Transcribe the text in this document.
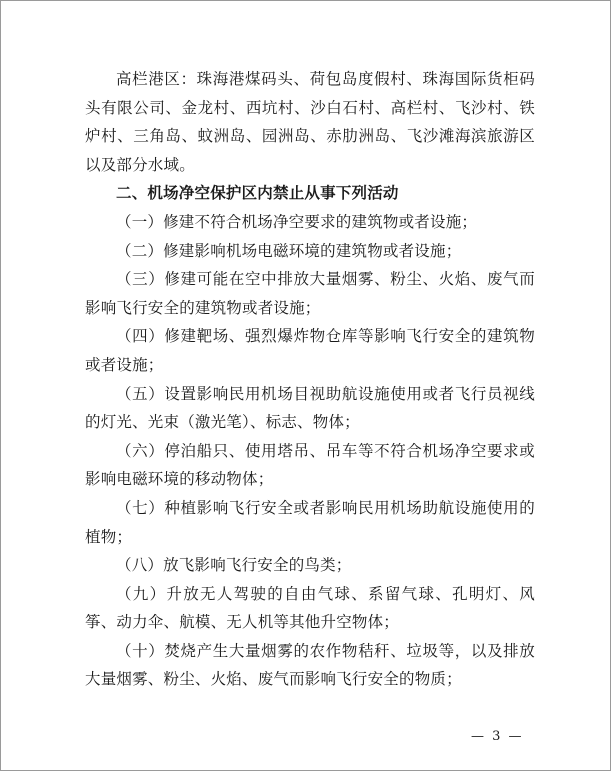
高栏港区：珠海港煤码头、荷包岛度假村、珠海国际货柜码头有限公司、金龙村、西坑村、沙白石村、高栏村、飞沙村、铁炉村、三角岛、蚊洲岛、园洲岛、赤肋洲岛、飞沙滩海滨旅游区以及部分水域。

二、机场净空保护区内禁止从事下列活动

（一）修建不符合机场净空要求的建筑物或者设施；

（二）修建影响机场电磁环境的建筑物或者设施；

（三）修建可能在空中排放大量烟雾、粉尘、火焰、废气而影响飞行安全的建筑物或者设施；

（四）修建靶场、强烈爆炸物仓库等影响飞行安全的建筑物或者设施；

（五）设置影响民用机场目视助航设施使用或者飞行员视线的灯光、光束（激光笔）、标志、物体；

（六）停泊船只、使用塔吊、吊车等不符合机场净空要求或影响电磁环境的移动物体；

（七）种植影响飞行安全或者影响民用机场助航设施使用的植物；

（八）放飞影响飞行安全的鸟类；

（九）升放无人驾驶的自由气球、系留气球、孔明灯、风筝、动力伞、航模、无人机等其他升空物体；

（十）焚烧产生大量烟雾的农作物秸秆、垃圾等，以及排放大量烟雾、粉尘、火焰、废气而影响飞行安全的物质；

— 3 —
